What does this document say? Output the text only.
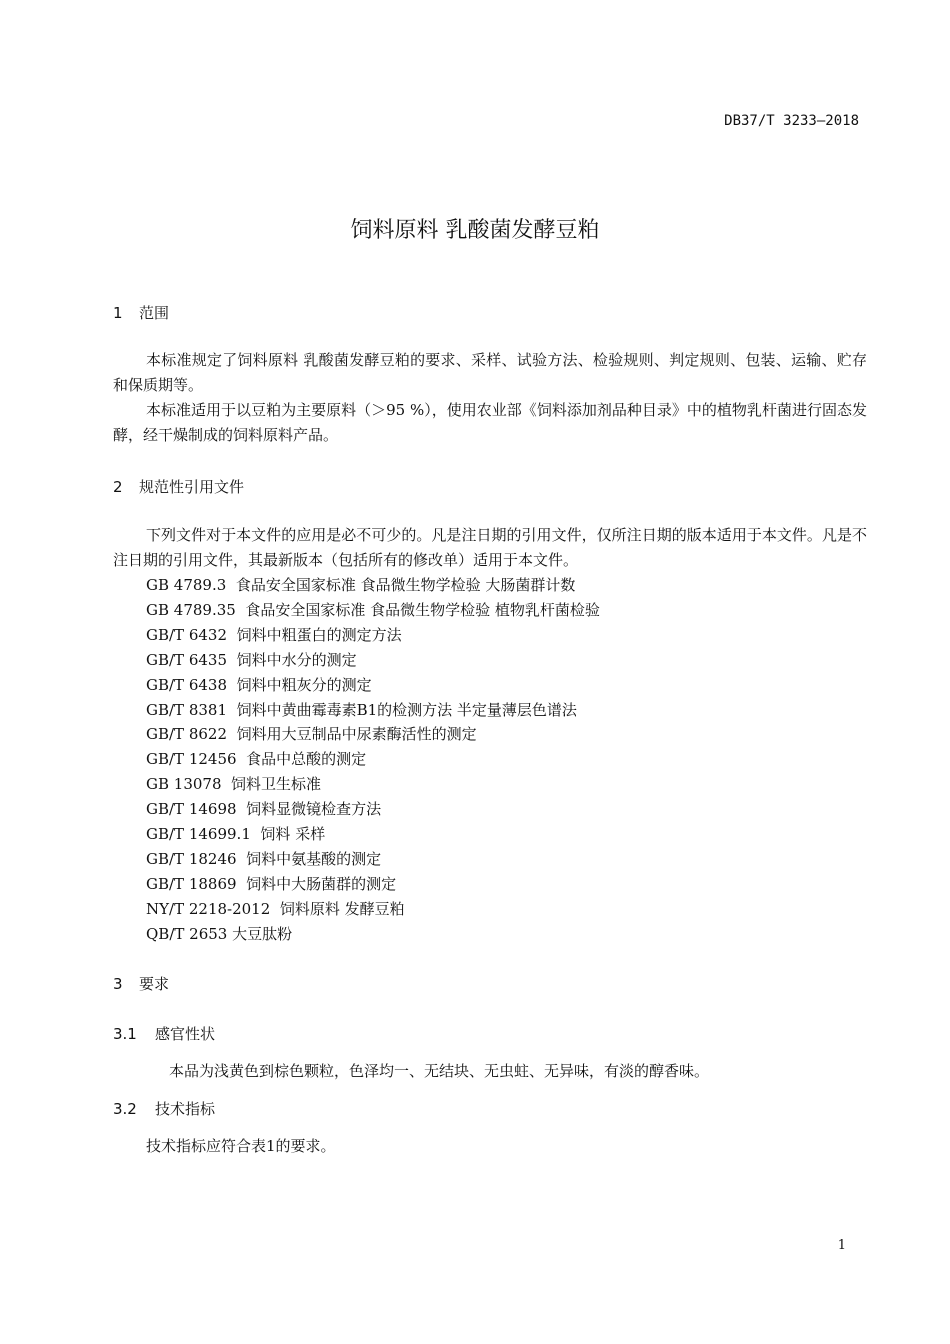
DB37/T 3233—2018
饲料原料 乳酸菌发酵豆粕
1 范围
本标准规定了饲料原料 乳酸菌发酵豆粕的要求、采样、试验方法、检验规则、判定规则、包装、运输、贮存和保质期等。
本标准适用于以豆粕为主要原料（＞95 %），使用农业部《饲料添加剂品种目录》中的植物乳杆菌进行固态发酵，经干燥制成的饲料原料产品。
2 规范性引用文件
下列文件对于本文件的应用是必不可少的。凡是注日期的引用文件，仅所注日期的版本适用于本文件。凡是不注日期的引用文件，其最新版本（包括所有的修改单）适用于本文件。
GB 4789.3 食品安全国家标准 食品微生物学检验 大肠菌群计数
GB 4789.35 食品安全国家标准 食品微生物学检验 植物乳杆菌检验
GB/T 6432 饲料中粗蛋白的测定方法
GB/T 6435 饲料中水分的测定
GB/T 6438 饲料中粗灰分的测定
GB/T 8381 饲料中黄曲霉毒素B1的检测方法 半定量薄层色谱法
GB/T 8622 饲料用大豆制品中尿素酶活性的测定
GB/T 12456 食品中总酸的测定
GB 13078 饲料卫生标准
GB/T 14698 饲料显微镜检查方法
GB/T 14699.1 饲料 采样
GB/T 18246 饲料中氨基酸的测定
GB/T 18869 饲料中大肠菌群的测定
NY/T 2218-2012 饲料原料 发酵豆粕
QB/T 2653 大豆肽粉
3 要求
3.1 感官性状
本品为浅黄色到棕色颗粒，色泽均一、无结块、无虫蛀、无异味，有淡的醇香味。
3.2 技术指标
技术指标应符合表1的要求。
1
